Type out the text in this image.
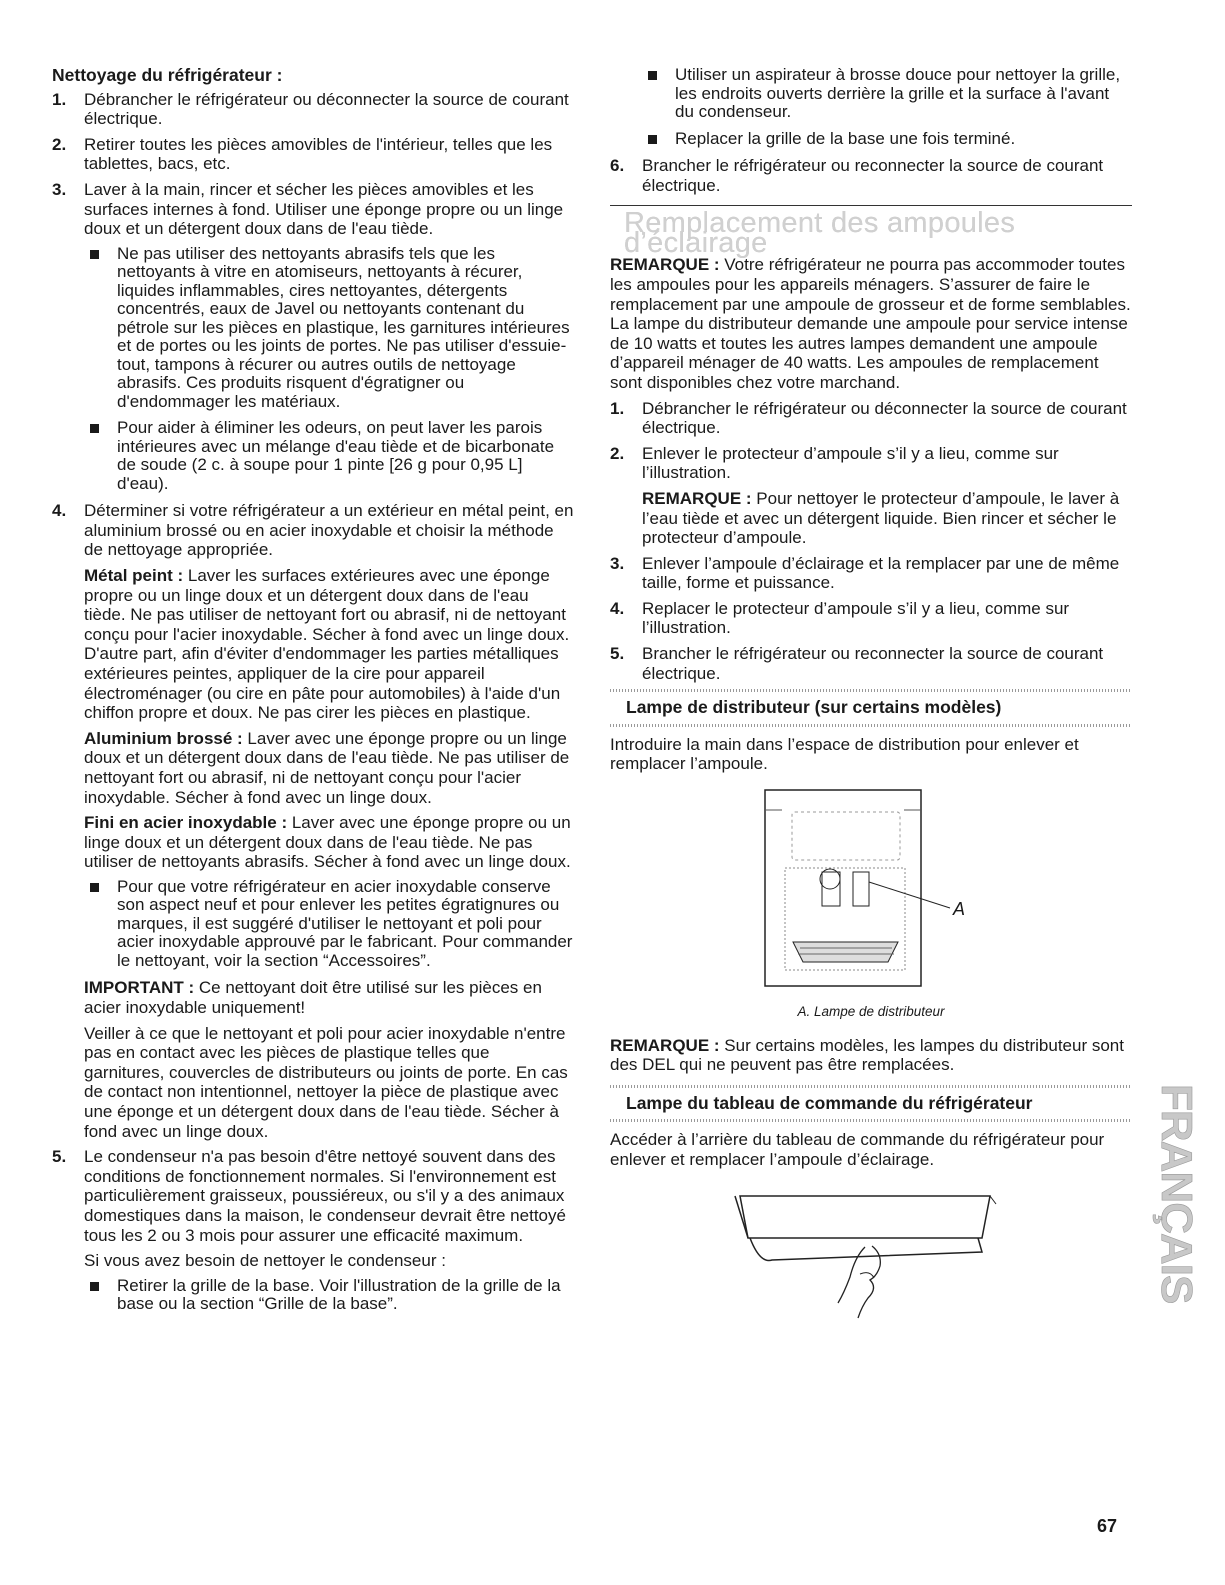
Nettoyage du réfrigérateur :
1.	Débrancher le réfrigérateur ou déconnecter la source de courant électrique.
2.	Retirer toutes les pièces amovibles de l'intérieur, telles que les tablettes, bacs, etc.
3.	Laver à la main, rincer et sécher les pièces amovibles et les surfaces internes à fond. Utiliser une éponge propre ou un linge doux et un détergent doux dans de l'eau tiède.
Ne pas utiliser des nettoyants abrasifs tels que les nettoyants à vitre en atomiseurs, nettoyants à récurer, liquides inflammables, cires nettoyantes, détergents concentrés, eaux de Javel ou nettoyants contenant du pétrole sur les pièces en plastique, les garnitures intérieures et de portes ou les joints de portes. Ne pas utiliser d'essuie-tout, tampons à récurer ou autres outils de nettoyage abrasifs. Ces produits risquent d'égratigner ou d'endommager les matériaux.
Pour aider à éliminer les odeurs, on peut laver les parois intérieures avec un mélange d'eau tiède et de bicarbonate de soude (2 c. à soupe pour 1 pinte [26 g pour 0,95 L] d'eau).
4.	Déterminer si votre réfrigérateur a un extérieur en métal peint, en aluminium brossé ou en acier inoxydable et choisir la méthode de nettoyage appropriée.
Métal peint : Laver les surfaces extérieures avec une éponge propre ou un linge doux et un détergent doux dans de l'eau tiède. Ne pas utiliser de nettoyant fort ou abrasif, ni de nettoyant conçu pour l'acier inoxydable. Sécher à fond avec un linge doux. D'autre part, afin d'éviter d'endommager les parties métalliques extérieures peintes, appliquer de la cire pour appareil électroménager (ou cire en pâte pour automobiles) à l'aide d'un chiffon propre et doux. Ne pas cirer les pièces en plastique.
Aluminium brossé : Laver avec une éponge propre ou un linge doux et un détergent doux dans de l'eau tiède. Ne pas utiliser de nettoyant fort ou abrasif, ni de nettoyant conçu pour l'acier inoxydable. Sécher à fond avec un linge doux.
Fini en acier inoxydable : Laver avec une éponge propre ou un linge doux et un détergent doux dans de l'eau tiède. Ne pas utiliser de nettoyants abrasifs. Sécher à fond avec un linge doux.
Pour que votre réfrigérateur en acier inoxydable conserve son aspect neuf et pour enlever les petites égratignures ou marques, il est suggéré d'utiliser le nettoyant et poli pour acier inoxydable approuvé par le fabricant. Pour commander le nettoyant, voir la section “Accessoires”.
IMPORTANT : Ce nettoyant doit être utilisé sur les pièces en acier inoxydable uniquement!
Veiller à ce que le nettoyant et poli pour acier inoxydable n'entre pas en contact avec les pièces de plastique telles que garnitures, couvercles de distributeurs ou joints de porte. En cas de contact non intentionnel, nettoyer la pièce de plastique avec une éponge et un détergent doux dans de l'eau tiède. Sécher à fond avec un linge doux.
5.	Le condenseur n'a pas besoin d'être nettoyé souvent dans des conditions de fonctionnement normales. Si l'environnement est particulièrement graisseux, poussiéreux, ou s'il y a des animaux domestiques dans la maison, le condenseur devrait être nettoyé tous les 2 ou 3 mois pour assurer une efficacité maximum.
Si vous avez besoin de nettoyer le condenseur :
Retirer la grille de la base. Voir l'illustration de la grille de la base ou la section “Grille de la base”.
Utiliser un aspirateur à brosse douce pour nettoyer la grille, les endroits ouverts derrière la grille et la surface à l'avant du condenseur.
Replacer la grille de la base une fois terminé.
6.	Brancher le réfrigérateur ou reconnecter la source de courant électrique.
Remplacement des ampoules d’éclairage
REMARQUE : Votre réfrigérateur ne pourra pas accommoder toutes les ampoules pour les appareils ménagers. S’assurer de faire le remplacement par une ampoule de grosseur et de forme semblables. La lampe du distributeur demande une ampoule pour service intense de 10 watts et toutes les autres lampes demandent une ampoule d’appareil ménager de 40 watts. Les ampoules de remplacement sont disponibles chez votre marchand.
1.	Débrancher le réfrigérateur ou déconnecter la source de courant électrique.
2.	Enlever le protecteur d’ampoule s’il y a lieu, comme sur l’illustration.
REMARQUE : Pour nettoyer le protecteur d’ampoule, le laver à l’eau tiède et avec un détergent liquide. Bien rincer et sécher le protecteur d’ampoule.
3.	Enlever l’ampoule d’éclairage et la remplacer par une de même taille, forme et puissance.
4.	Replacer le protecteur d’ampoule s’il y a lieu, comme sur l’illustration.
5.	Brancher le réfrigérateur ou reconnecter la source de courant électrique.
Lampe de distributeur (sur certains modèles)
Introduire la main dans l’espace de distribution pour enlever et remplacer l’ampoule.
A
A. Lampe de distributeur
REMARQUE : Sur certains modèles, les lampes du distributeur sont des DEL qui ne peuvent pas être remplacées.
Lampe du tableau de commande du réfrigérateur
Accéder à l’arrière du tableau de commande du réfrigérateur pour enlever et remplacer l’ampoule d’éclairage.	FRANÇAIS
67
